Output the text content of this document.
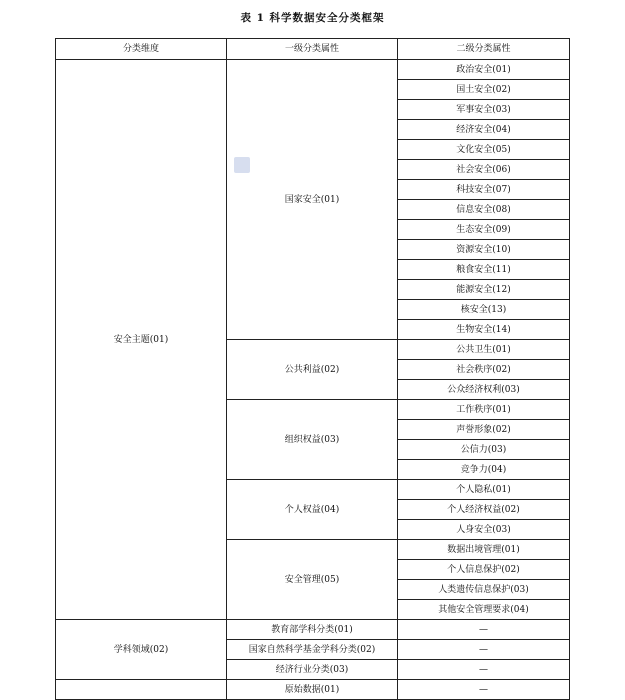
表 1 科学数据安全分类框架
分类维度	一级分类属性	二级分类属性
安全主题(01)	国家安全(01)	政治安全(01)
		国土安全(02)
		军事安全(03)
		经济安全(04)
		文化安全(05)
		社会安全(06)
		科技安全(07)
		信息安全(08)
		生态安全(09)
		资源安全(10)
		粮食安全(11)
		能源安全(12)
		核安全(13)
		生物安全(14)
	公共利益(02)	公共卫生(01)
		社会秩序(02)
		公众经济权利(03)
	组织权益(03)	工作秩序(01)
		声誉形象(02)
		公信力(03)
		竞争力(04)
	个人权益(04)	个人隐私(01)
		个人经济权益(02)
		人身安全(03)
	安全管理(05)	数据出境管理(01)
		个人信息保护(02)
		人类遗传信息保护(03)
		其他安全管理要求(04)
学科领域(02)	教育部学科分类(01)	—
	国家自然科学基金学科分类(02)	—
	经济行业分类(03)	—
	原始数据(01)	—
